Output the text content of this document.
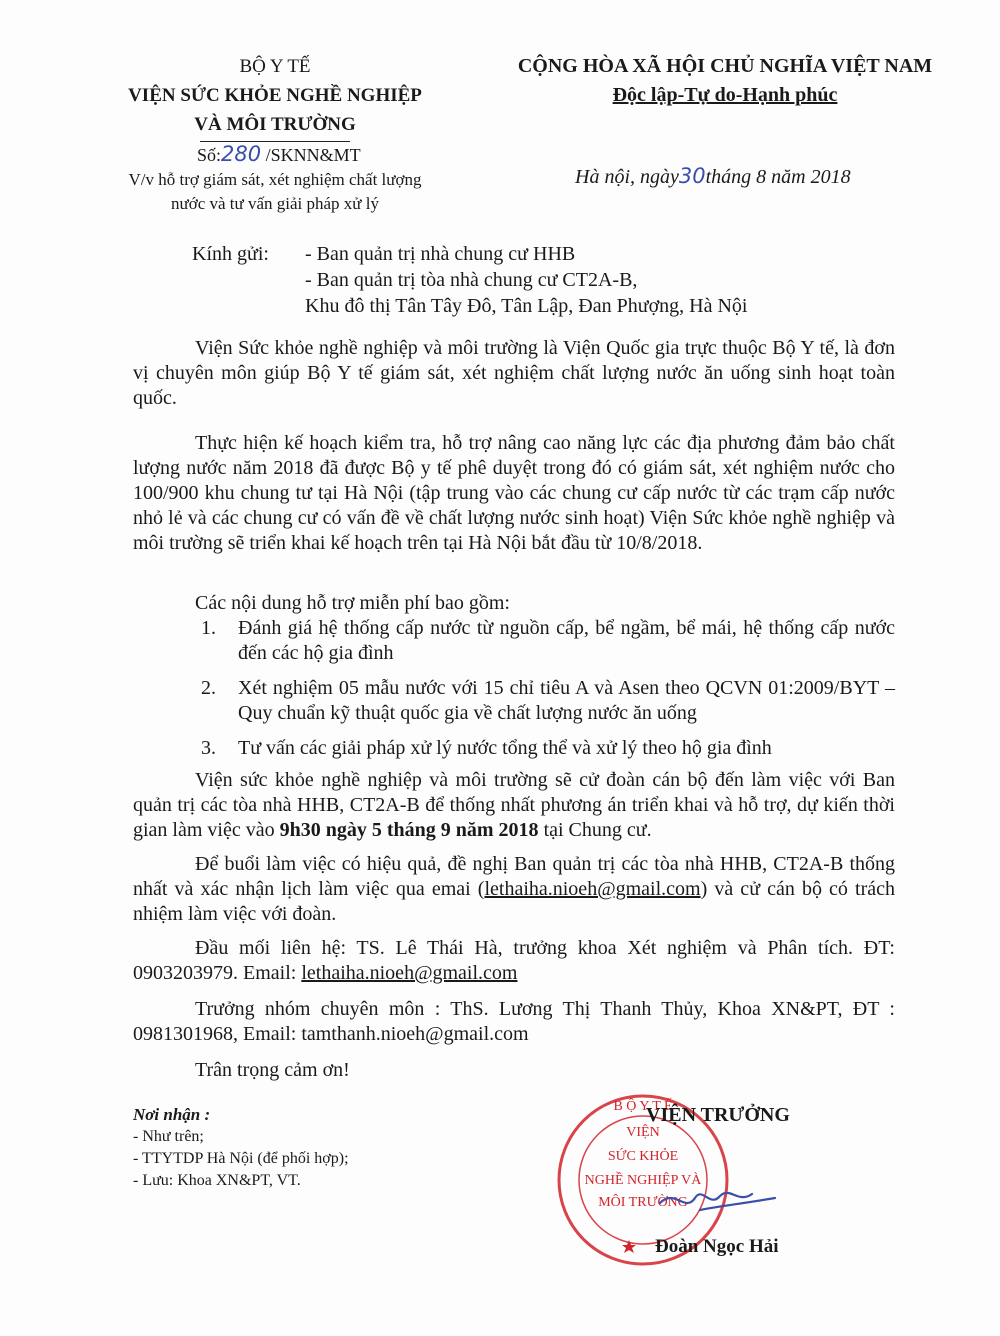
BỘ Y TẾ
VIỆN SỨC KHỎE NGHỀ NGHIỆP
VÀ MÔI TRƯỜNG
CỘNG HÒA XÃ HỘI CHỦ NGHĨA VIỆT NAM
Độc lập-Tự do-Hạnh phúc
Số:280 /SKNN&MT
V/v hỗ trợ giám sát, xét nghiệm chất lượng
nước và tư vấn giải pháp xử lý
Hà nội, ngày30tháng 8 năm 2018
Kính gửi: - Ban quản trị nhà chung cư HHB
- Ban quản trị tòa nhà chung cư CT2A-B,
Khu đô thị Tân Tây Đô, Tân Lập, Đan Phượng, Hà Nội
Viện Sức khỏe nghề nghiệp và môi trường là Viện Quốc gia trực thuộc Bộ Y tế, là đơn vị chuyên môn giúp Bộ Y tế giám sát, xét nghiệm chất lượng nước ăn uống sinh hoạt toàn quốc.
Thực hiện kế hoạch kiểm tra, hỗ trợ nâng cao năng lực các địa phương đảm bảo chất lượng nước năm 2018 đã được Bộ y tế phê duyệt trong đó có giám sát, xét nghiệm nước cho 100/900 khu chung tư tại Hà Nội (tập trung vào các chung cư cấp nước từ các trạm cấp nước nhỏ lẻ và các chung cư có vấn đề về chất lượng nước sinh hoạt) Viện Sức khỏe nghề nghiệp và môi trường sẽ triển khai kế hoạch trên tại Hà Nội bắt đầu từ 10/8/2018.
Các nội dung hỗ trợ miễn phí bao gồm:
1. Đánh giá hệ thống cấp nước từ nguồn cấp, bể ngầm, bể mái, hệ thống cấp nước đến các hộ gia đình
2. Xét nghiệm 05 mẫu nước với 15 chỉ tiêu A và Asen theo QCVN 01:2009/BYT – Quy chuẩn kỹ thuật quốc gia về chất lượng nước ăn uống
3. Tư vấn các giải pháp xử lý nước tổng thể và xử lý theo hộ gia đình
Viện sức khỏe nghề nghiệp và môi trường sẽ cử đoàn cán bộ đến làm việc với Ban quản trị các tòa nhà HHB, CT2A-B để thống nhất phương án triển khai và hỗ trợ, dự kiến thời gian làm việc vào 9h30 ngày 5 tháng 9 năm 2018 tại Chung cư.
Để buổi làm việc có hiệu quả, đề nghị Ban quản trị các tòa nhà HHB, CT2A-B thống nhất và xác nhận lịch làm việc qua emai (lethaiha.nioeh@gmail.com) và cử cán bộ có trách nhiệm làm việc với đoàn.
Đầu mối liên hệ: TS. Lê Thái Hà, trưởng khoa Xét nghiệm và Phân tích. ĐT: 0903203979. Email: lethaiha.nioeh@gmail.com
Trưởng nhóm chuyên môn : ThS. Lương Thị Thanh Thủy, Khoa XN&PT, ĐT : 0981301968, Email: tamthanh.nioeh@gmail.com
Trân trọng cảm ơn!
Nơi nhận :
- Như trên;
- TTYTDP Hà Nội (để phối hợp);
- Lưu: Khoa XN&PT, VT.
B Ộ Y T Ế
VIỆN
SỨC KHỎE
NGHỀ NGHIỆP VÀ
MÔI TRƯỜNG
VIỆN TRƯỞNG
Đoàn Ngọc Hải
